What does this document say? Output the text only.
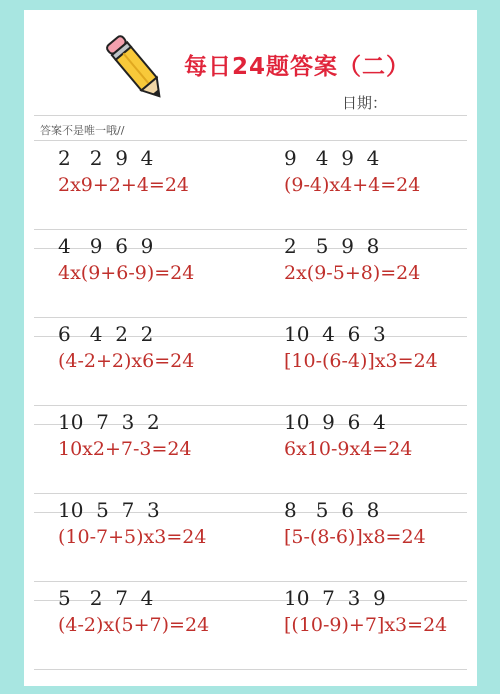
每日24题答案（二）
日期：
答案不是唯一哦//
2   2  9  4
2x9+2+4=24
9   4  9  4
(9-4)x4+4=24
4   9  6  9
4x(9+6-9)=24
2   5  9  8
2x(9-5+8)=24
6   4  2  2
(4-2+2)x6=24
10  4  6  3
[10-(6-4)]x3=24
10  7  3  2
10x2+7-3=24
10  9  6  4
6x10-9x4=24
10  5  7  3
(10-7+5)x3=24
8   5  6  8
[5-(8-6)]x8=24
5   2  7  4
(4-2)x(5+7)=24
10  7  3  9
[(10-9)+7]x3=24
